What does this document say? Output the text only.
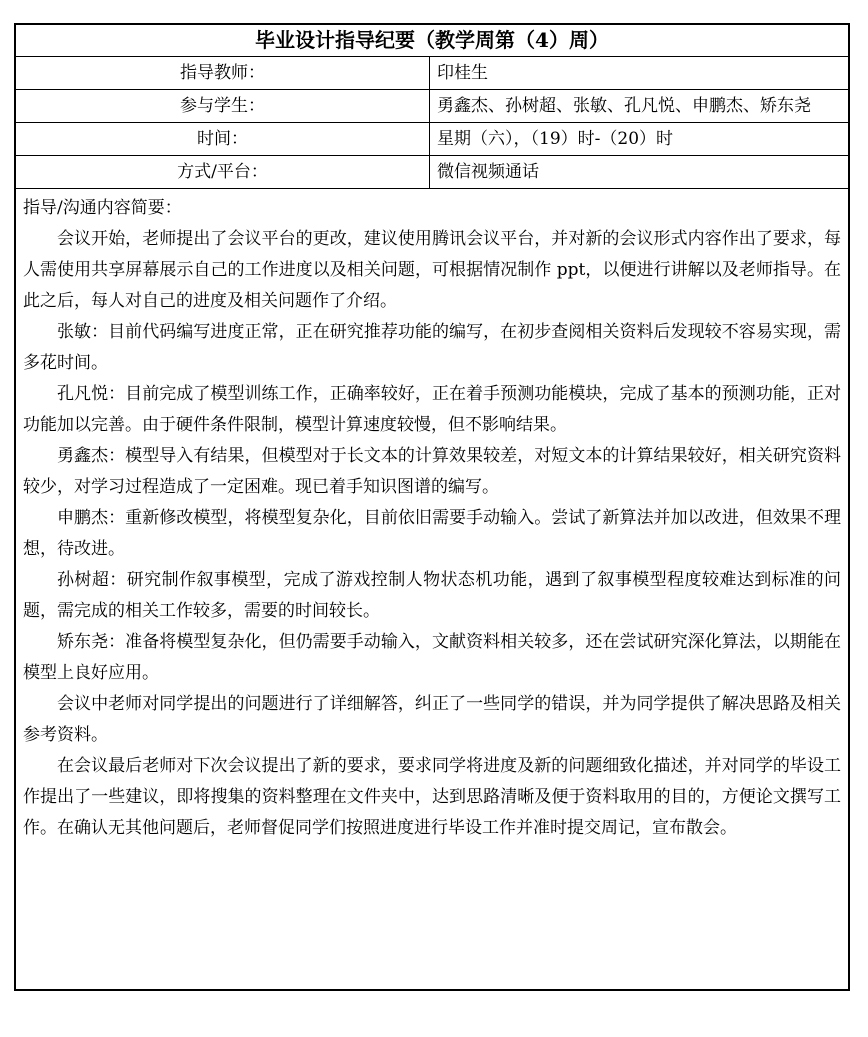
毕业设计指导纪要（教学周第（4）周）
指导教师：	印桂生
参与学生：	勇鑫杰、孙树超、张敏、孔凡悦、申鹏杰、矫东尧
时间：	星期（六），（19）时-（20）时
方式/平台：	微信视频通话
指导/沟通内容简要：

会议开始，老师提出了会议平台的更改，建议使用腾讯会议平台，并对新的会议形式内容作出了要求，每人需使用共享屏幕展示自己的工作进度以及相关问题，可根据情况制作 ppt，以便进行讲解以及老师指导。在此之后，每人对自己的进度及相关问题作了介绍。

张敏：目前代码编写进度正常，正在研究推荐功能的编写，在初步查阅相关资料后发现较不容易实现，需多花时间。

孔凡悦：目前完成了模型训练工作，正确率较好，正在着手预测功能模块，完成了基本的预测功能，正对功能加以完善。由于硬件条件限制，模型计算速度较慢，但不影响结果。

勇鑫杰：模型导入有结果，但模型对于长文本的计算效果较差，对短文本的计算结果较好，相关研究资料较少，对学习过程造成了一定困难。现已着手知识图谱的编写。

申鹏杰：重新修改模型，将模型复杂化，目前依旧需要手动输入。尝试了新算法并加以改进，但效果不理想，待改进。

孙树超：研究制作叙事模型，完成了游戏控制人物状态机功能，遇到了叙事模型程度较难达到标准的问题，需完成的相关工作较多，需要的时间较长。

矫东尧：准备将模型复杂化，但仍需要手动输入，文献资料相关较多，还在尝试研究深化算法，以期能在模型上良好应用。

会议中老师对同学提出的问题进行了详细解答，纠正了一些同学的错误，并为同学提供了解决思路及相关参考资料。

在会议最后老师对下次会议提出了新的要求，要求同学将进度及新的问题细致化描述，并对同学的毕设工作提出了一些建议，即将搜集的资料整理在文件夹中，达到思路清晰及便于资料取用的目的，方便论文撰写工作。在确认无其他问题后，老师督促同学们按照进度进行毕设工作并准时提交周记，宣布散会。
